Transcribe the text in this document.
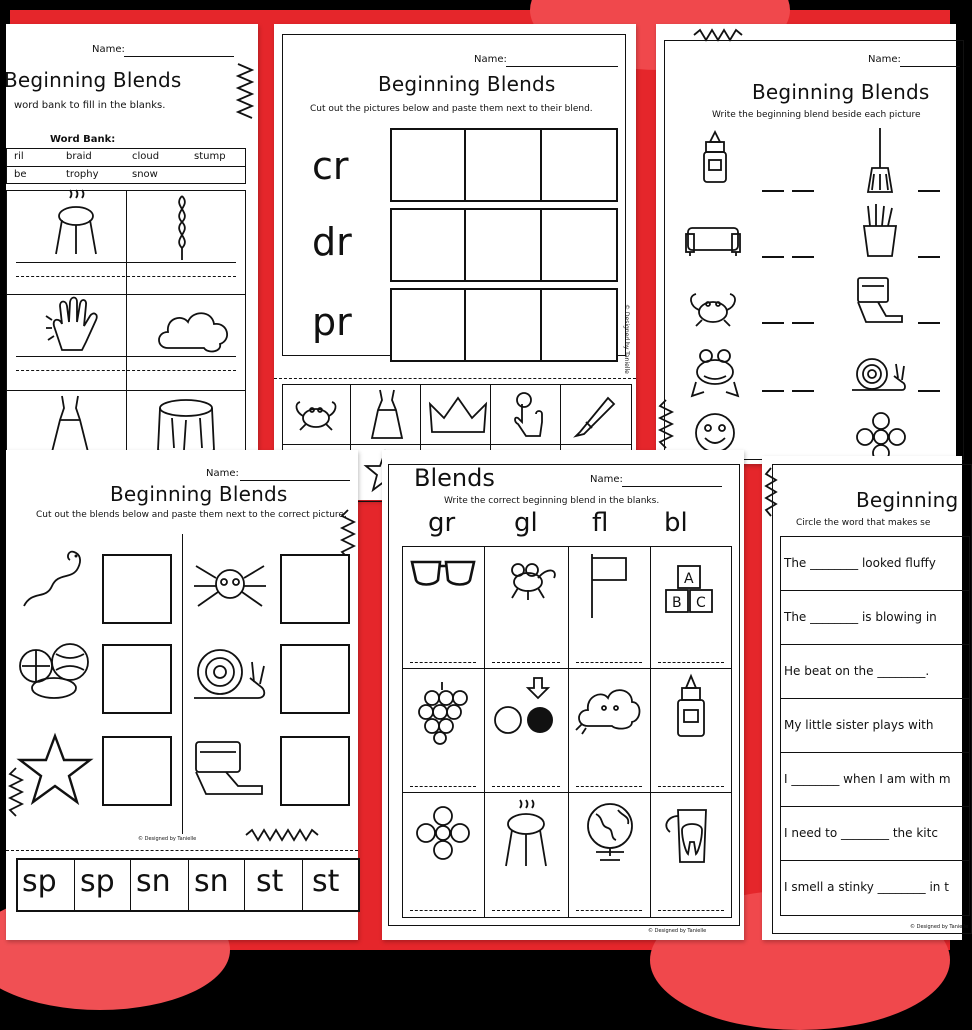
Name:
Beginning Blends
word bank to fill in the blanks.
Word Bank:
ril	braid	cloud	stump
be	trophy	snow
Name:
Beginning Blends
Cut out the pictures below and paste them next to their blend.
cr
dr
pr	© Designed by Tanielle
Name:
Beginning Blends
Write the beginning blend beside each picture
Name:
Beginning Blends
Cut out the blends below and paste them next to the correct picture.
© Designed by Tanielle
sp sp sn sn st st
Blends	Name:
Write the correct beginning blend in the blanks.
gr gl fl bl
A
B C
© Designed by Tanielle
Beginning
Circle the word that makes se
The ________ looked fluffy
The ________ is blowing in
He beat on the ________.
My little sister plays with
I ________ when I am with m
I need to ________ the kitc
I smell a stinky ________ in t
© Designed by Tanielle
